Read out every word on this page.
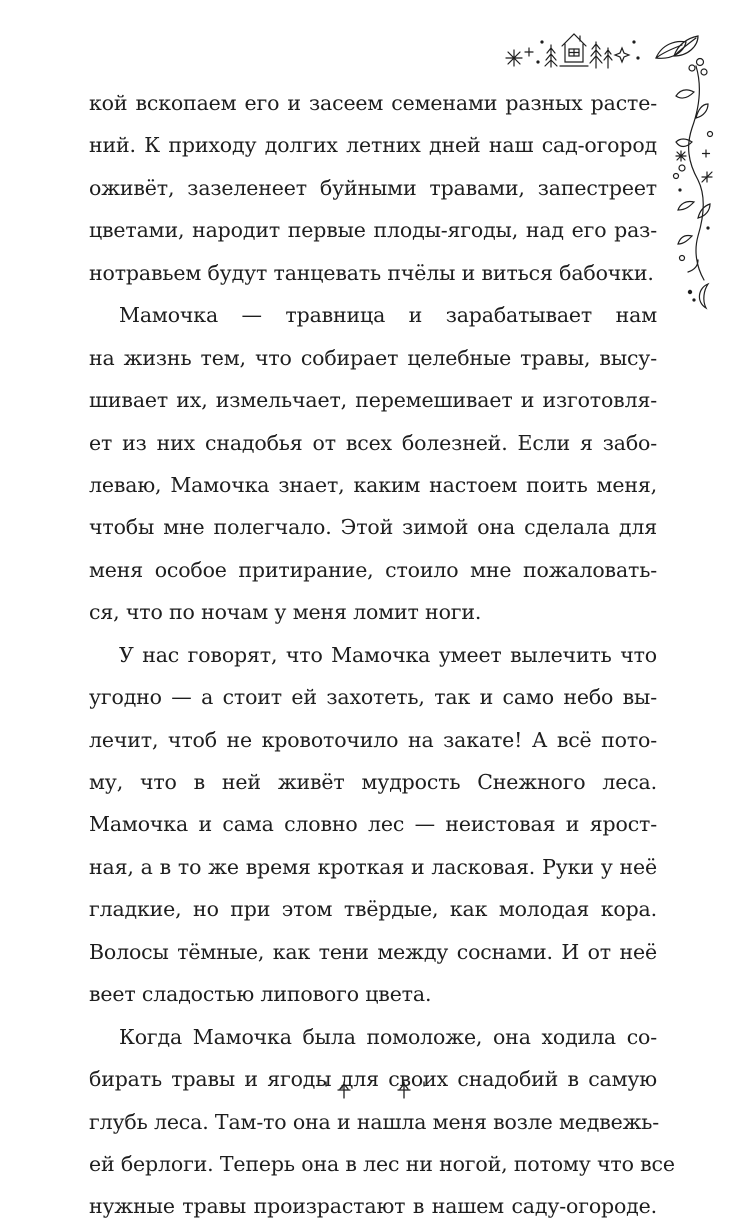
кой вскопаем его и засеем семенами разных расте-
ний. К приходу долгих летних дней наш сад-огород
оживёт, зазеленеет буйными травами, запестреет
цветами, народит первые плоды-ягоды, над его раз-
нотравьем будут танцевать пчёлы и виться бабочки.
Мамочка — травница и зарабатывает нам
на жизнь тем, что собирает целебные травы, высу-
шивает их, измельчает, перемешивает и изготовля-
ет из них снадобья от всех болезней. Если я забо-
леваю, Мамочка знает, каким настоем поить меня,
чтобы мне полегчало. Этой зимой она сделала для
меня особое притирание, стоило мне пожаловать-
ся, что по ночам у меня ломит ноги.
У нас говорят, что Мамочка умеет вылечить что
угодно — а стоит ей захотеть, так и само небо вы-
лечит, чтоб не кровоточило на закате! А всё пото-
му, что в ней живёт мудрость Снежного леса.
Мамочка и сама словно лес — неистовая и ярост-
ная, а в то же время кроткая и ласковая. Руки у неё
гладкие, но при этом твёрдые, как молодая кора.
Волосы тёмные, как тени между соснами. И от неё
веет сладостью липового цвета.
Когда Мамочка была помоложе, она ходила со-
бирать травы и ягоды для своих снадобий в самую
глубь леса. Там-то она и нашла меня возле медвежь-
ей берлоги. Теперь она в лес ни ногой, потому что все
нужные травы произрастают в нашем саду-огороде.
